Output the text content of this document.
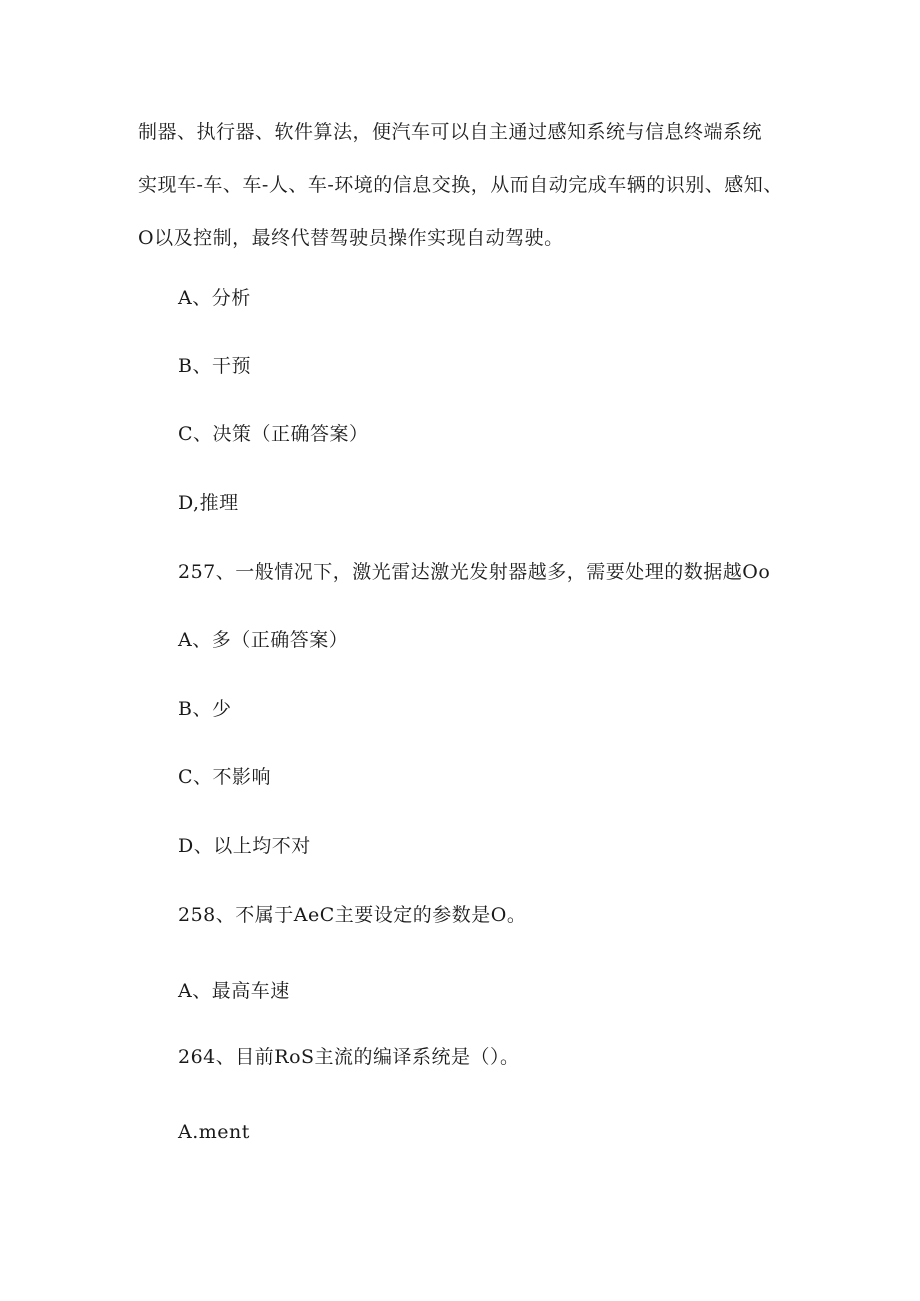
制器、执行器、软件算法，便汽车可以自主通过感知系统与信息终端系统
实现车-车、车-人、车-环境的信息交换，从而自动完成车辆的识别、感知、
O以及控制，最终代替驾驶员操作实现自动驾驶。
A、分析
B、干预
C、决策（正确答案）
D,推理
257、一般情况下，激光雷达激光发射器越多，需要处理的数据越Oo
A、多（正确答案）
B、少
C、不影响
D、以上均不对
258、不属于AeC主要设定的参数是O。
A、最高车速
264、目前RoS主流的编译系统是（）。
A.ment
